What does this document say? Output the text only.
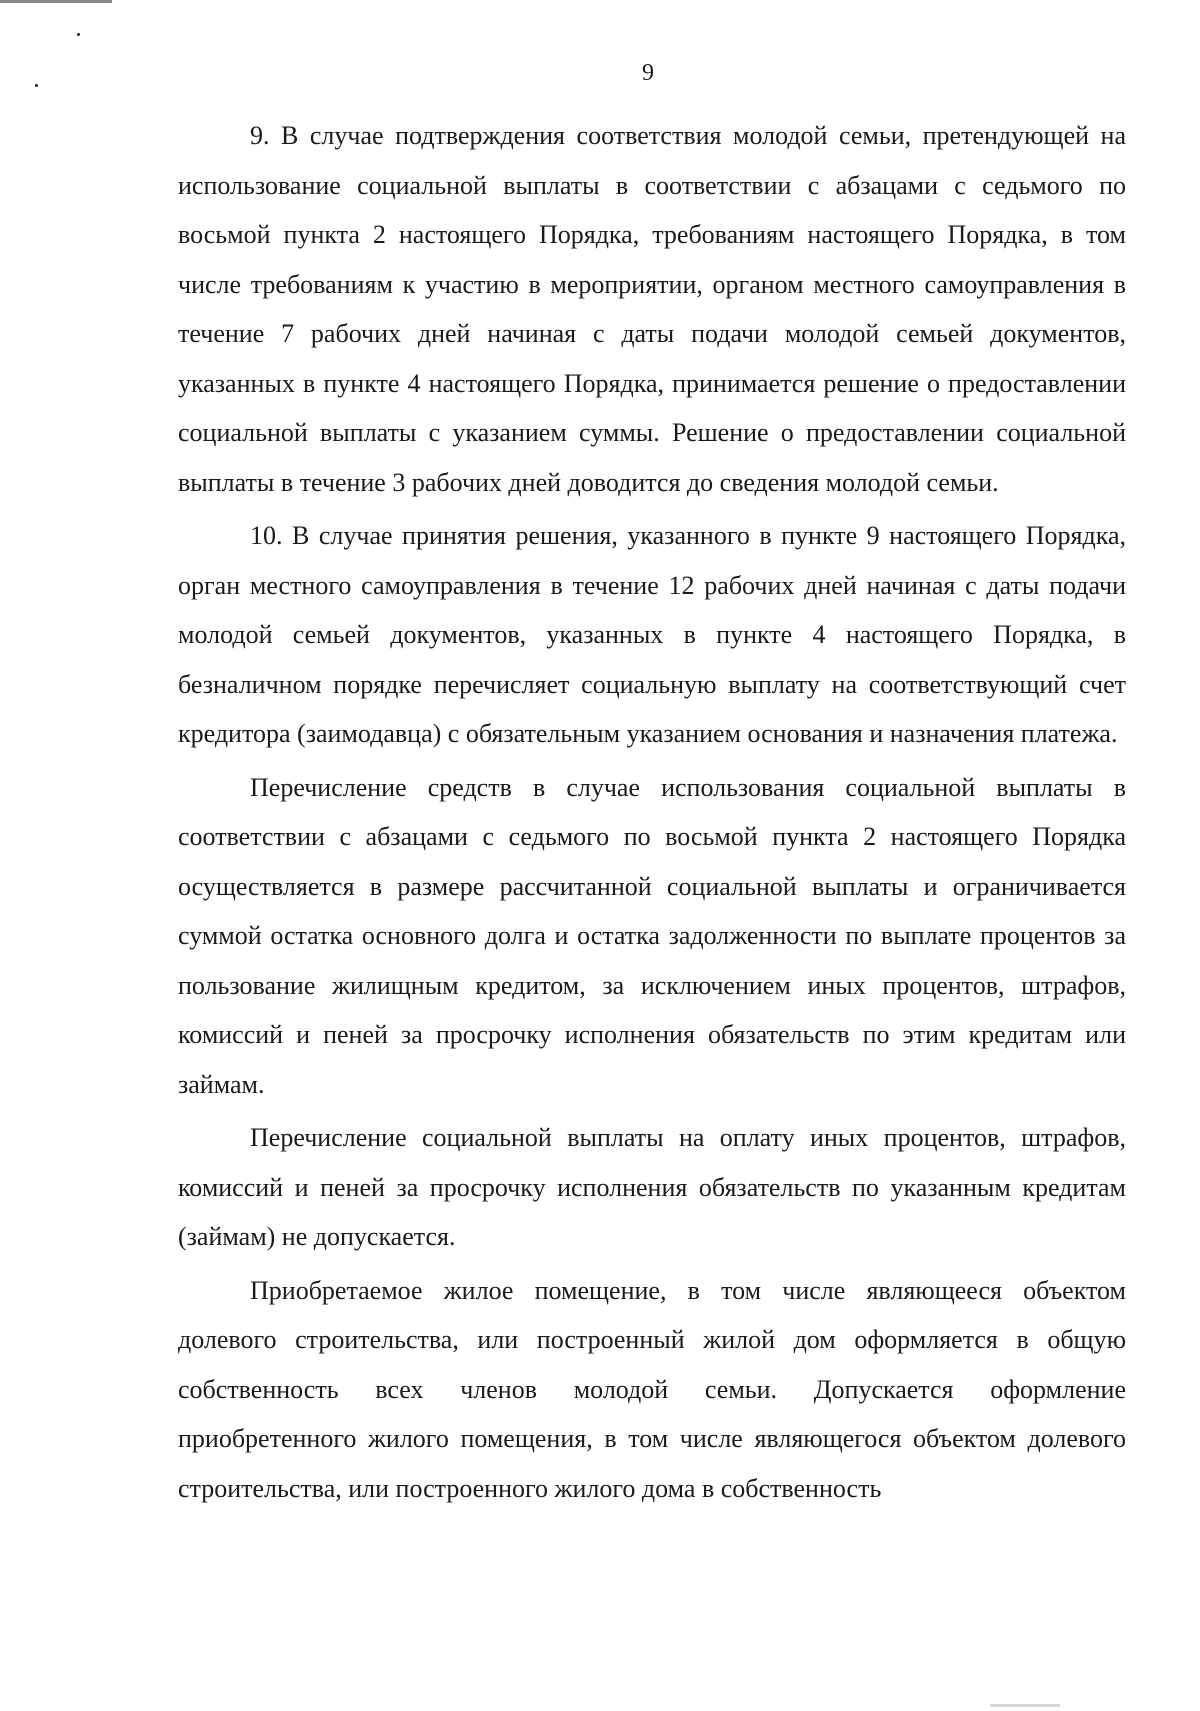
9

9. В случае подтверждения соответствия молодой семьи, претендующей на использование социальной выплаты в соответствии с абзацами с седьмого по восьмой пункта 2 настоящего Порядка, требованиям настоящего Порядка, в том числе требованиям к участию в мероприятии, органом местного самоуправления в течение 7 рабочих дней начиная с даты подачи молодой семьей документов, указанных в пункте 4 настоящего Порядка, принимается решение о предоставлении социальной выплаты с указанием суммы. Решение о предоставлении социальной выплаты в течение 3 рабочих дней доводится до сведения молодой семьи.

10. В случае принятия решения, указанного в пункте 9 настоящего Порядка, орган местного самоуправления в течение 12 рабочих дней начиная с даты подачи молодой семьей документов, указанных в пункте 4 настоящего Порядка, в безналичном порядке перечисляет социальную выплату на соответствующий счет кредитора (заимодавца) с обязательным указанием основания и назначения платежа.

Перечисление средств в случае использования социальной выплаты в соответствии с абзацами с седьмого по восьмой пункта 2 настоящего Порядка осуществляется в размере рассчитанной социальной выплаты и ограничивается суммой остатка основного долга и остатка задолженности по выплате процентов за пользование жилищным кредитом, за исключением иных процентов, штрафов, комиссий и пеней за просрочку исполнения обязательств по этим кредитам или займам.

Перечисление социальной выплаты на оплату иных процентов, штрафов, комиссий и пеней за просрочку исполнения обязательств по указанным кредитам (займам) не допускается.

Приобретаемое жилое помещение, в том числе являющееся объектом долевого строительства, или построенный жилой дом оформляется в общую собственность всех членов молодой семьи. Допускается оформление приобретенного жилого помещения, в том числе являющегося объектом долевого строительства, или построенного жилого дома в собственность
